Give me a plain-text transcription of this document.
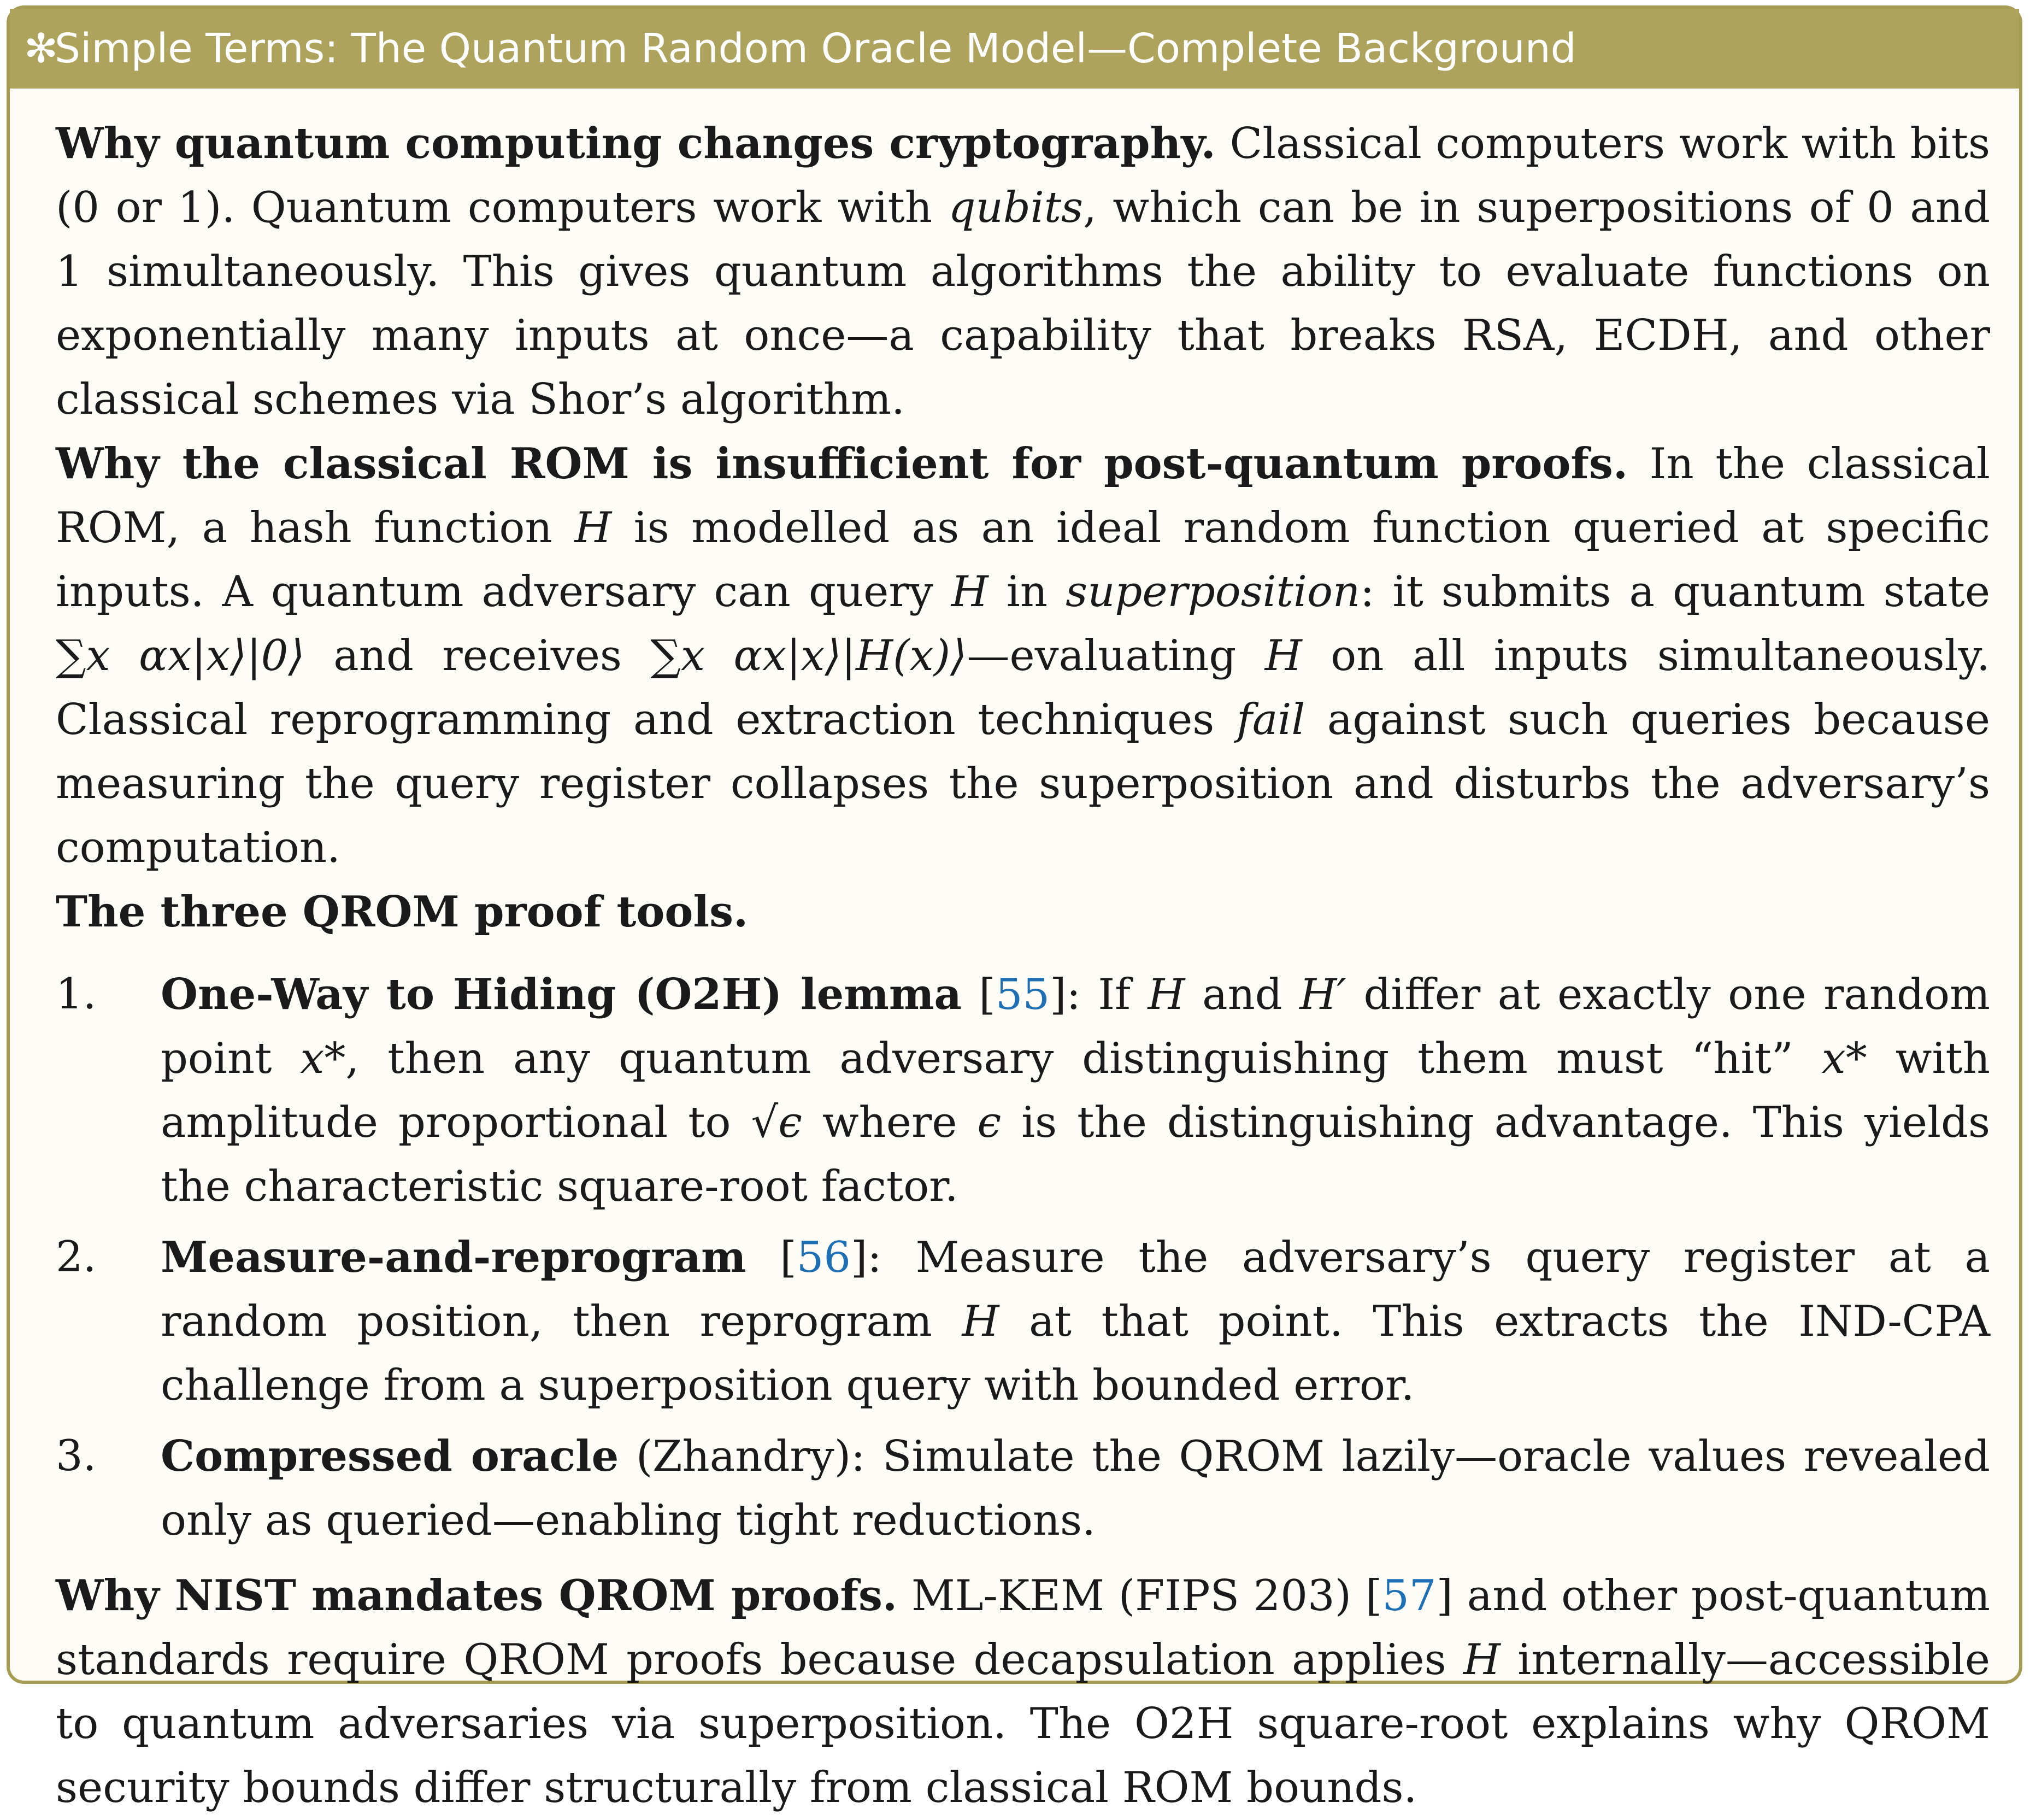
✻
Simple Terms: The Quantum Random Oracle Model—Complete Background

Why quantum computing changes cryptography. Classical computers work with bits (0 or 1). Quantum computers work with qubits, which can be in superpositions of 0 and 1 simultaneously. This gives quantum algorithms the ability to evaluate functions on exponentially many inputs at once—a capability that breaks RSA, ECDH, and other classical schemes via Shor’s algorithm.

Why the classical ROM is insufficient for post-quantum proofs. In the classical ROM, a hash function H is modelled as an ideal random function queried at specific inputs. A quantum adversary can query H in superposition: it submits a quantum state ∑x αx|x⟩|0⟩ and receives ∑x αx|x⟩|H(x)⟩—evaluating H on all inputs simultaneously. Classical reprogramming and extraction techniques fail against such queries because measuring the query register collapses the superposition and disturbs the adversary’s computation.

The three QROM proof tools.

1. One-Way to Hiding (O2H) lemma [55]: If H and H′ differ at exactly one random point x*, then any quantum adversary distinguishing them must “hit” x* with amplitude proportional to √ϵ where ϵ is the distinguishing advantage. This yields the characteristic square-root factor.
2. Measure-and-reprogram [56]: Measure the adversary’s query register at a random position, then reprogram H at that point. This extracts the IND-CPA challenge from a superposition query with bounded error.
3. Compressed oracle (Zhandry): Simulate the QROM lazily—oracle values revealed only as queried—enabling tight reductions.

Why NIST mandates QROM proofs. ML-KEM (FIPS 203) [57] and other post-quantum standards require QROM proofs because decapsulation applies H internally—accessible to quantum adversaries via superposition. The O2H square-root explains why QROM security bounds differ structurally from classical ROM bounds.
